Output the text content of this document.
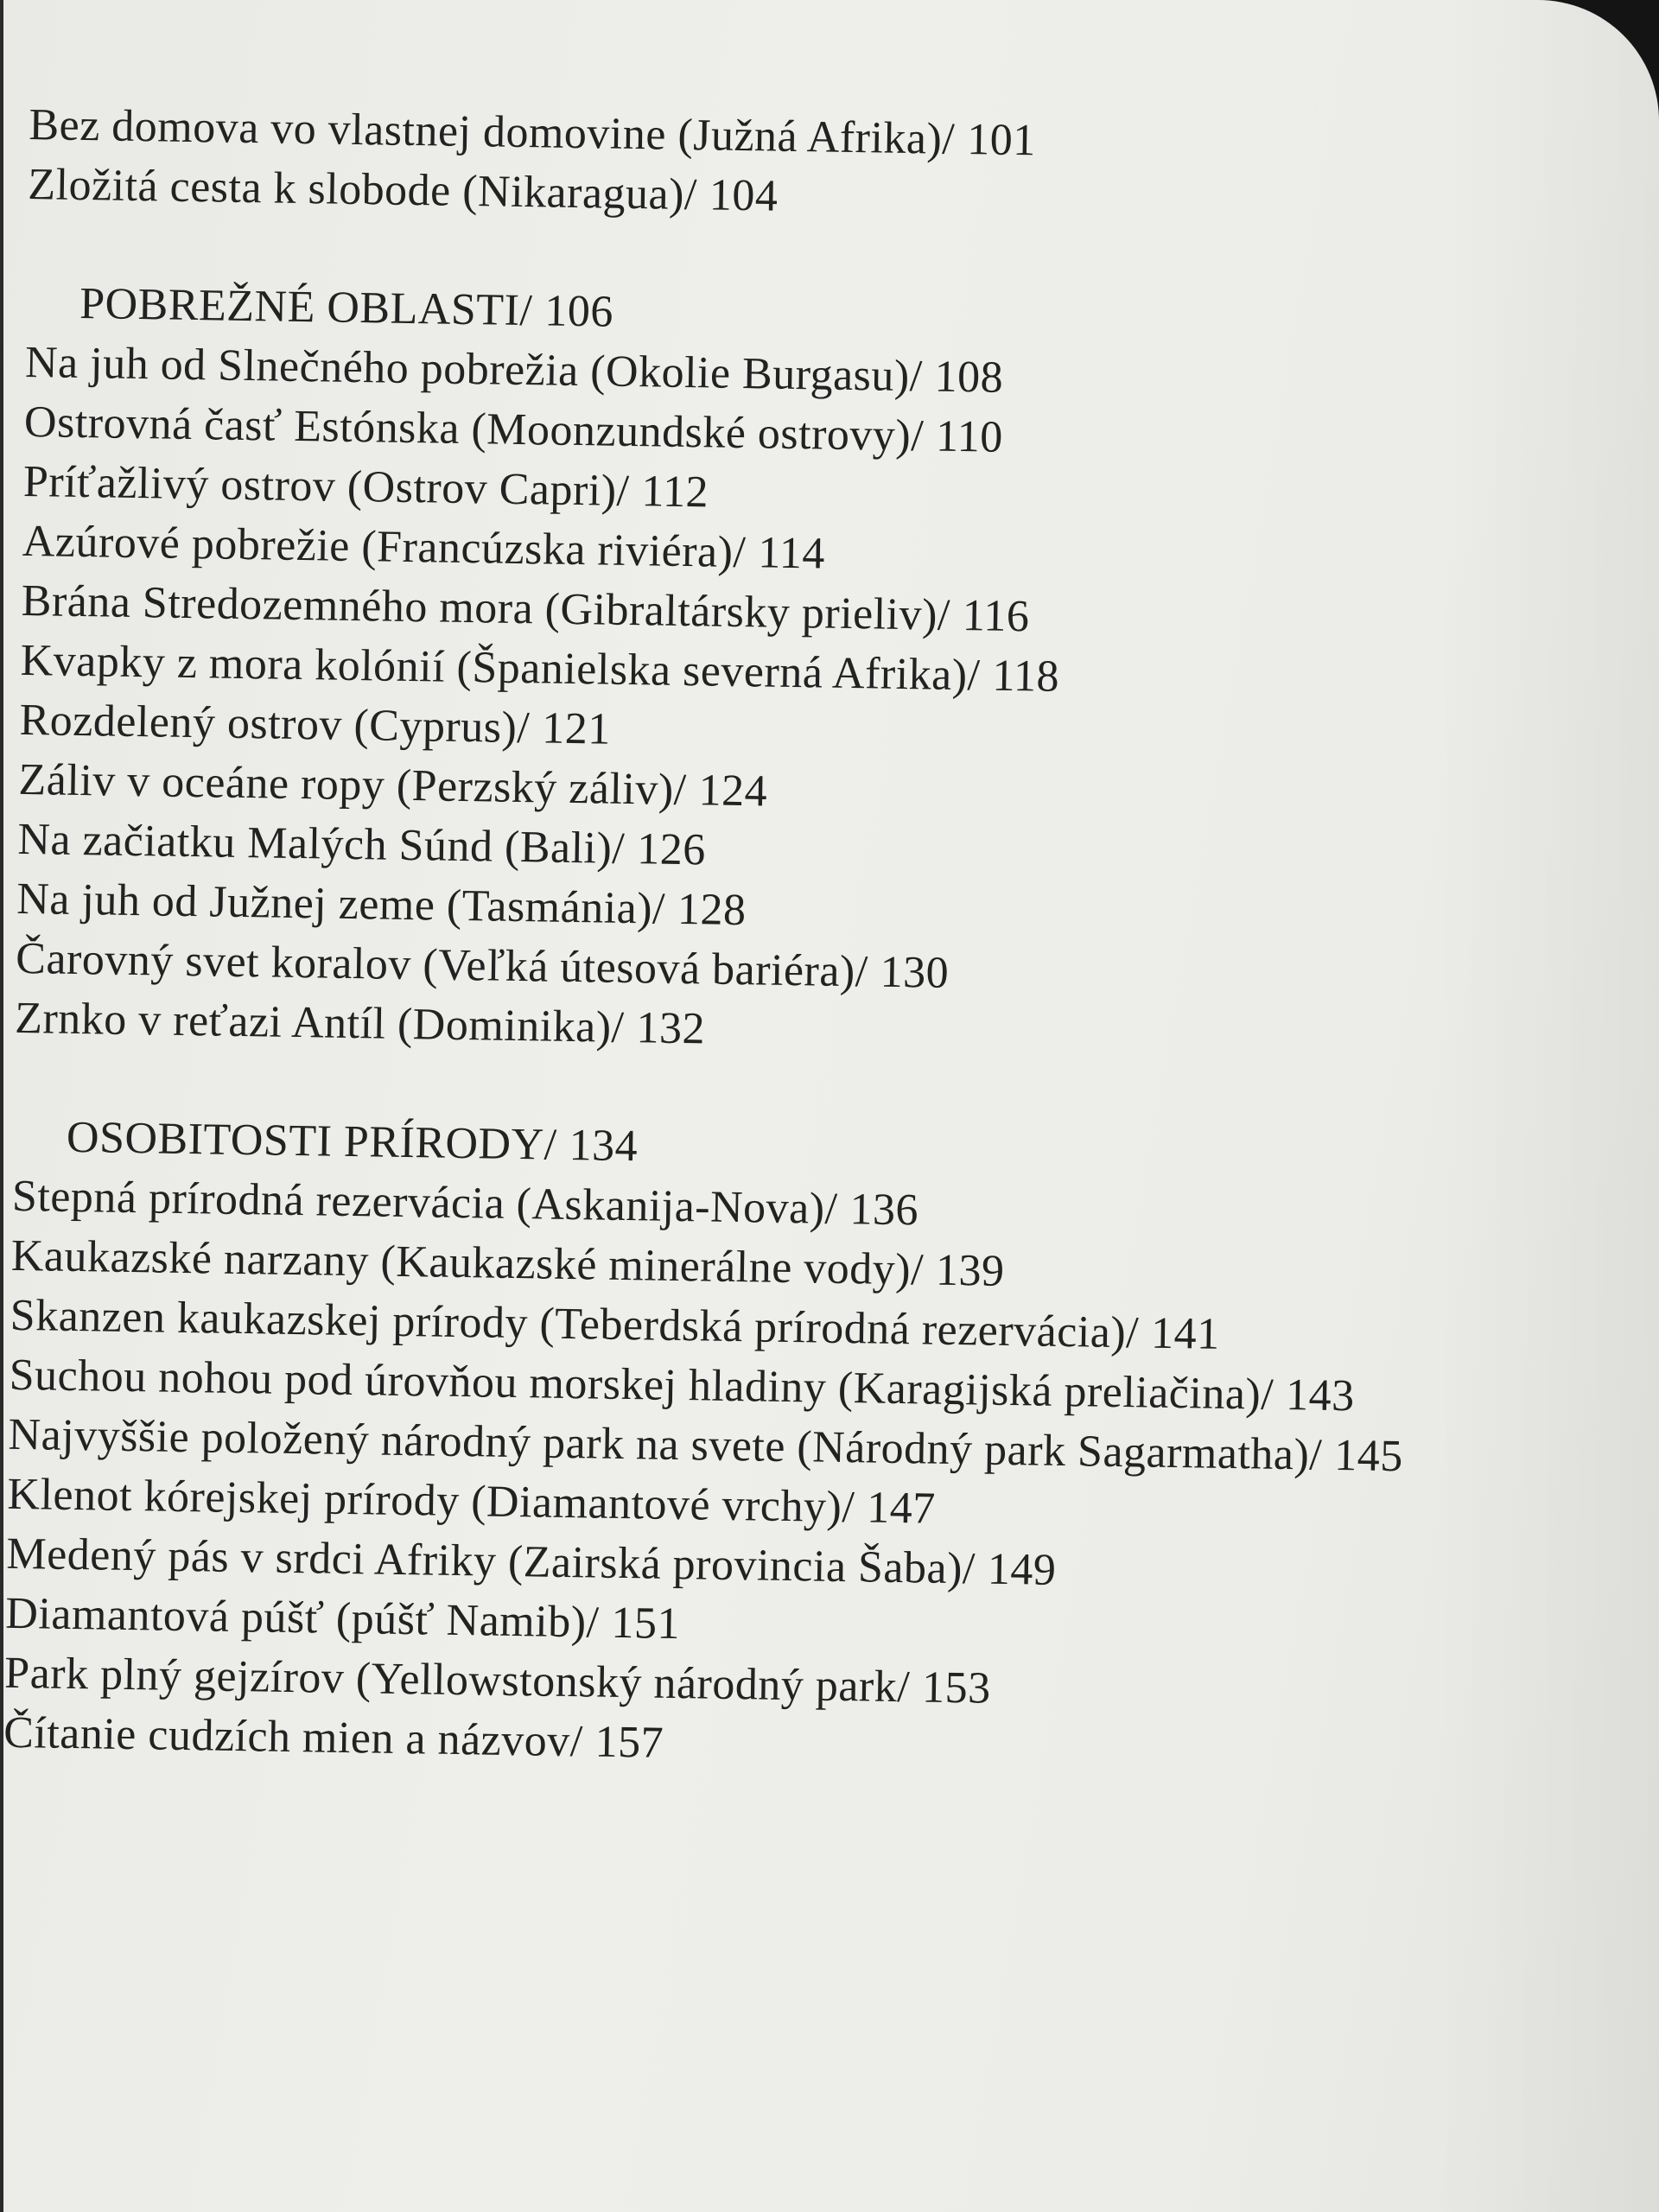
Bez domova vo vlastnej domovine (Južná Afrika)/ 101
Zložitá cesta k slobode (Nikaragua)/ 104
POBREŽNÉ OBLASTI/ 106
Na juh od Slnečného pobrežia (Okolie Burgasu)/ 108
Ostrovná časť Estónska (Moonzundské ostrovy)/ 110
Príťažlivý ostrov (Ostrov Capri)/ 112
Azúrové pobrežie (Francúzska riviéra)/ 114
Brána Stredozemného mora (Gibraltársky prieliv)/ 116
Kvapky z mora kolónií (Španielska severná Afrika)/ 118
Rozdelený ostrov (Cyprus)/ 121
Záliv v oceáne ropy (Perzský záliv)/ 124
Na začiatku Malých Súnd (Bali)/ 126
Na juh od Južnej zeme (Tasmánia)/ 128
Čarovný svet koralov (Veľká útesová bariéra)/ 130
Zrnko v reťazi Antíl (Dominika)/ 132
OSOBITOSTI PRÍRODY/ 134
Stepná prírodná rezervácia (Askanija-Nova)/ 136
Kaukazské narzany (Kaukazské minerálne vody)/ 139
Skanzen kaukazskej prírody (Teberdská prírodná rezervácia)/ 141
Suchou nohou pod úrovňou morskej hladiny (Karagijská preliačina)/ 143
Najvyššie položený národný park na svete (Národný park Sagarmatha)/ 145
Klenot kórejskej prírody (Diamantové vrchy)/ 147
Medený pás v srdci Afriky (Zairská provincia Šaba)/ 149
Diamantová púšť (púšť Namib)/ 151
Park plný gejzírov (Yellowstonský národný park/ 153
Čítanie cudzích mien a názvov/ 157
